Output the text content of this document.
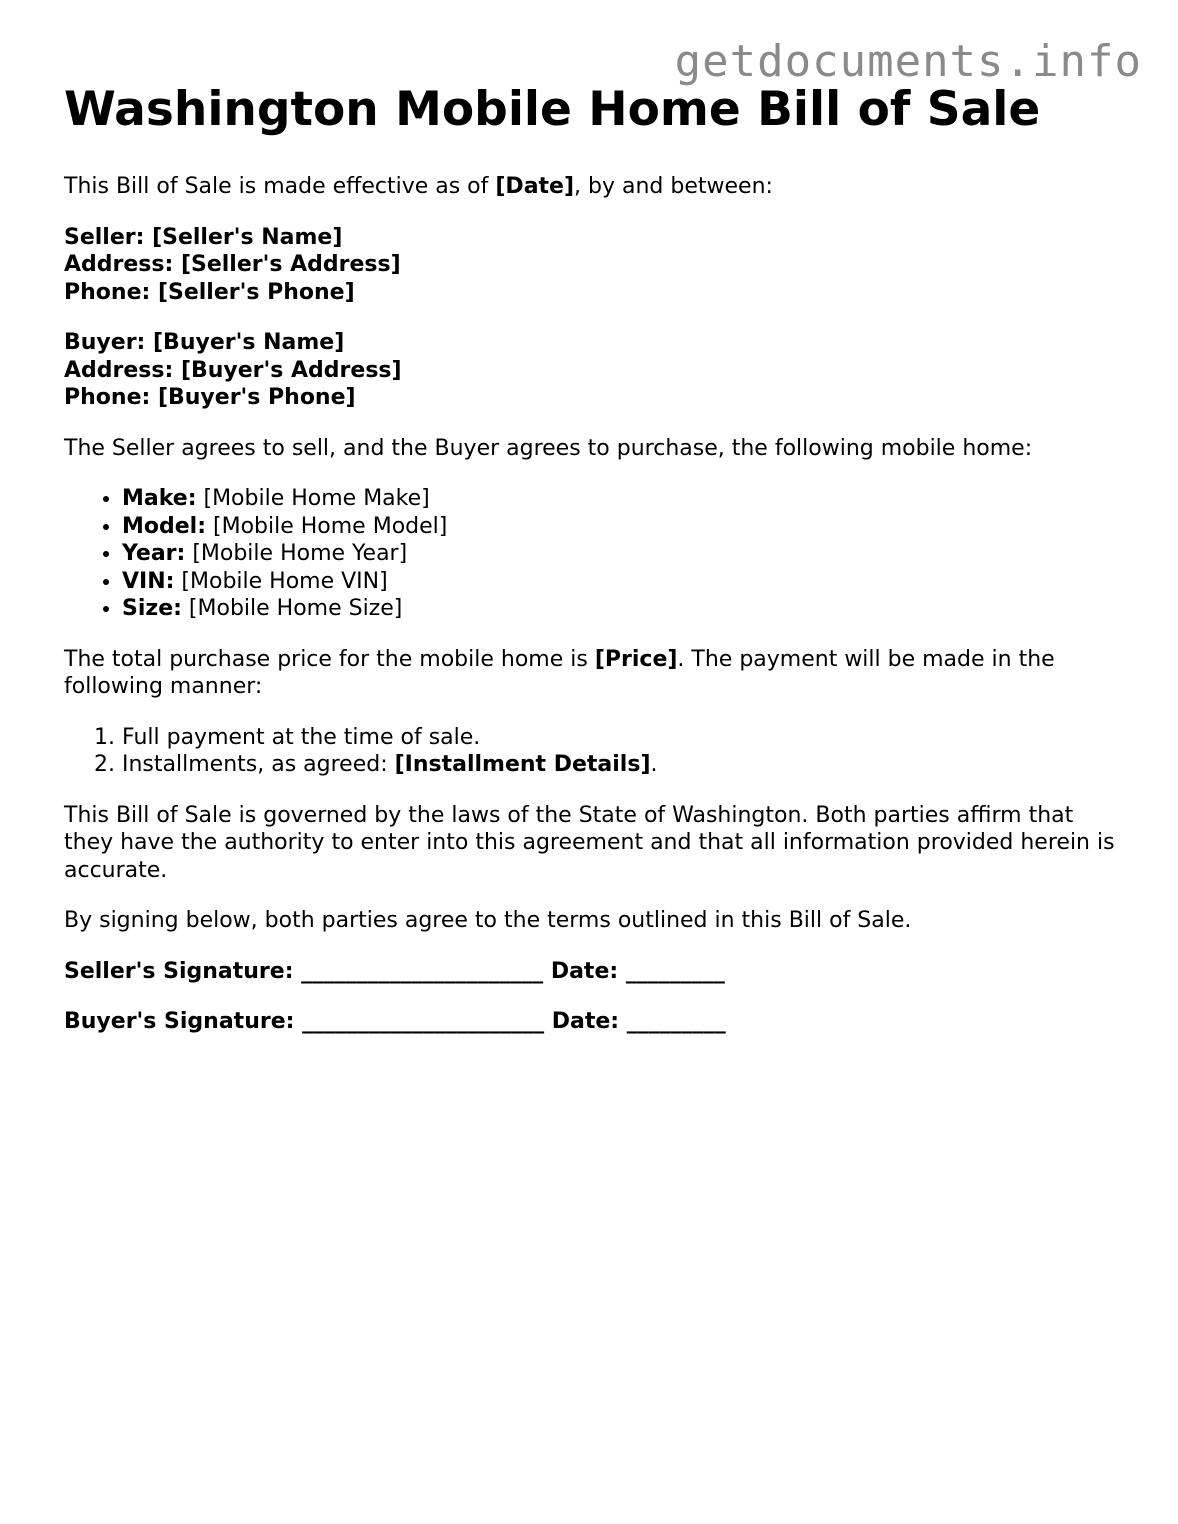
getdocuments.info
Washington Mobile Home Bill of Sale

This Bill of Sale is made effective as of [Date], by and between:

Seller: [Seller's Name]
Address: [Seller's Address]
Phone: [Seller's Phone]
Buyer: [Buyer's Name]
Address: [Buyer's Address]
Phone: [Buyer's Phone]

The Seller agrees to sell, and the Buyer agrees to purchase, the following mobile home:

• Make: [Mobile Home Make]
• Model: [Mobile Home Model]
• Year: [Mobile Home Year]
• VIN: [Mobile Home VIN]
• Size: [Mobile Home Size]

The total purchase price for the mobile home is [Price]. The payment will be made in the following manner:

1. Full payment at the time of sale.
2. Installments, as agreed: [Installment Details].

This Bill of Sale is governed by the laws of the State of Washington. Both parties affirm that they have the authority to enter into this agreement and that all information provided herein is accurate.

By signing below, both parties agree to the terms outlined in this Bill of Sale.

Seller's Signature: ______________________ Date: _________
Buyer's Signature: ______________________ Date: _________
